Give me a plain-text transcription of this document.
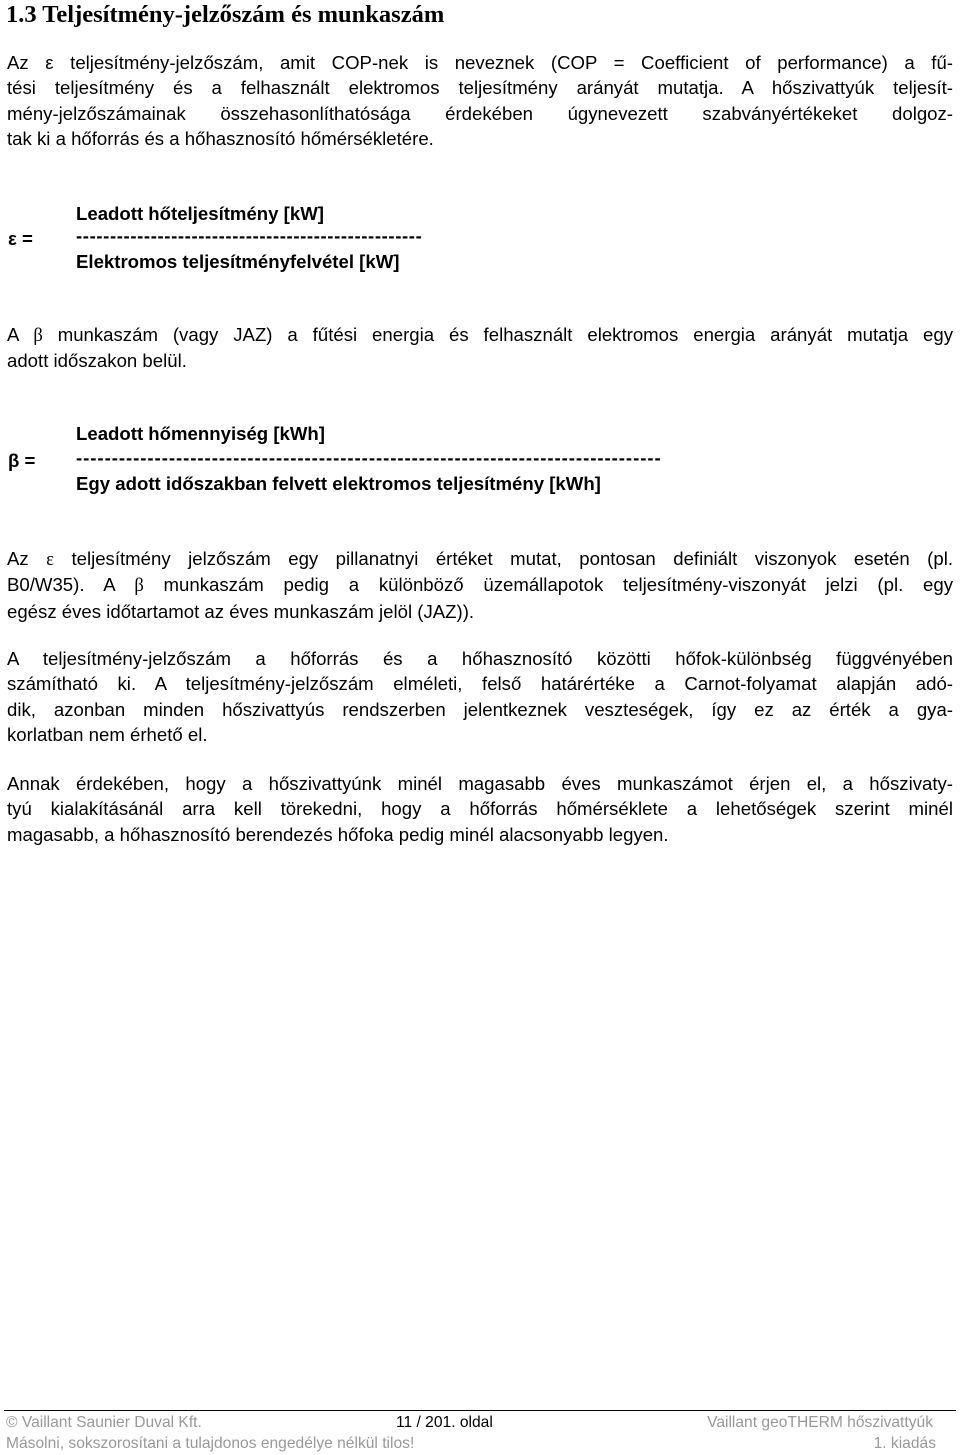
1.3 Teljesítmény-jelzőszám és munkaszám
Az ε teljesítmény-jelzőszám, amit COP-nek is neveznek (COP = Coefficient of performance) a fű-
tési teljesítmény és a felhasznált elektromos teljesítmény arányát mutatja. A hőszivattyúk teljesít-
mény-jelzőszámainak összehasonlíthatósága érdekében úgynevezett szabványértékeket dolgoz-
tak ki a hőforrás és a hőhasznosító hőmérsékletére.
Leadott hőteljesítmény [kW]
ε = ---------------------------------------------------
Elektromos teljesítményfelvétel [kW]
A β munkaszám (vagy JAZ) a fűtési energia és felhasznált elektromos energia arányát mutatja egy
adott időszakon belül.
Leadott hőmennyiség [kWh]
β = ----------------------------------------------------------------------------------
Egy adott időszakban felvett elektromos teljesítmény [kWh]
Az ε teljesítmény jelzőszám egy pillanatnyi értéket mutat, pontosan definiált viszonyok esetén (pl.
B0/W35). A β munkaszám pedig a különböző üzemállapotok teljesítmény-viszonyát jelzi (pl. egy
egész éves időtartamot az éves munkaszám jelöl (JAZ)).
A teljesítmény-jelzőszám a hőforrás és a hőhasznosító közötti hőfok-különbség függvényében
számítható ki. A teljesítmény-jelzőszám elméleti, felső határértéke a Carnot-folyamat alapján adó-
dik, azonban minden hőszivattyús rendszerben jelentkeznek veszteségek, így ez az érték a gya-
korlatban nem érhető el.
Annak érdekében, hogy a hőszivattyúnk minél magasabb éves munkaszámot érjen el, a hőszivaty-
tyú kialakításánál arra kell törekedni, hogy a hőforrás hőmérséklete a lehetőségek szerint minél
magasabb, a hőhasznosító berendezés hőfoka pedig minél alacsonyabb legyen.
© Vaillant Saunier Duval Kft.	11 / 201. oldal	Vaillant geoTHERM hőszivattyúk
Másolni, sokszorosítani a tulajdonos engedélye nélkül tilos!	1. kiadás
